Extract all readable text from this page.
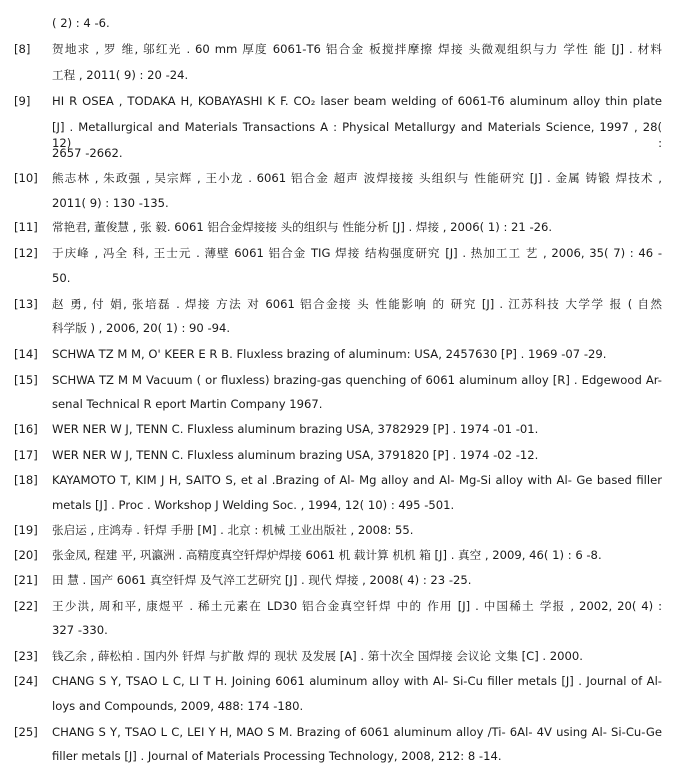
( 2) : 4 -6.
[8] 贺地求 , 罗 维, 邬红光 . 60 mm 厚度 6061-T6 铝合金 板搅拌摩擦 焊接 头微观组织与力 学性 能 [J] . 材料
工程 , 2011( 9) : 20 -24.
[9] HI R OSEA , TODAKA H, KOBAYASHI K F. CO₂ laser beam welding of 6061-T6 aluminum alloy thin plate
[J] . Metallurgical and Materials Transactions A : Physical Metallurgy and Materials Science, 1997 , 28( 12) :
2657 -2662.
[10] 熊志林 , 朱政强 , 吴宗辉 , 王小龙 . 6061 铝合金 超声 波焊接接 头组织与 性能研究 [J] . 金属 铸锻 焊技术 ,
2011( 9) : 130 -135.
[11] 常艳君, 董俊慧 , 张 毅. 6061 铝合金焊接接 头的组织与 性能分析 [J] . 焊接 , 2006( 1) : 21 -26.
[12] 于庆峰 , 冯全 科, 王士元 . 薄壁 6061 铝合金 TIG 焊接 结构强度研究 [J] . 热加工工 艺 , 2006, 35( 7) : 46 -
50.
[13] 赵 勇, 付 娟, 张培磊 . 焊接 方法 对 6061 铝合金接 头 性能影响 的 研究 [J] . 江苏科技 大学学 报 ( 自然
科学版 ) , 2006, 20( 1) : 90 -94.
[14] SCHWA TZ M M, O' KEER E R B. Fluxless brazing of aluminum: USA, 2457630 [P] . 1969 -07 -29.
[15] SCHWA TZ M M Vacuum ( or fluxless) brazing-gas quenching of 6061 aluminum alloy [R] . Edgewood Ar-
senal Technical R eport Martin Company 1967.
[16] WER NER W J, TENN C. Fluxless aluminum brazing USA, 3782929 [P] . 1974 -01 -01.
[17] WER NER W J, TENN C. Fluxless aluminum brazing USA, 3791820 [P] . 1974 -02 -12.
[18] KAYAMOTO T, KIM J H, SAITO S, et al .Brazing of Al- Mg alloy and Al- Mg-Si alloy with Al- Ge based filler
metals [J] . Proc . Workshop J Welding Soc. , 1994, 12( 10) : 495 -501.
[19] 张启运 , 庄鸿寿 . 钎焊 手册 [M] . 北京 : 机械 工业出版社 , 2008: 55.
[20] 张金凤, 程建 平, 巩瀛洲 . 高精度真空钎焊炉焊接 6061 机 载计算 机机 箱 [J] . 真空 , 2009, 46( 1) : 6 -8.
[21] 田 慧 . 国产 6061 真空钎焊 及气淬工艺研究 [J] . 现代 焊接 , 2008( 4) : 23 -25.
[22] 王少洪, 周和平, 康煜平 . 稀土元素在 LD30 铝合金真空钎焊 中的 作用 [J] . 中国稀土 学报 , 2002, 20( 4) :
327 -330.
[23] 钱乙余 , 薛松柏 . 国内外 钎焊 与扩散 焊的 现状 及发展 [A] . 第十次全 国焊接 会议论 文集 [C] . 2000.
[24] CHANG S Y, TSAO L C, LI T H. Joining 6061 aluminum alloy with Al- Si-Cu filler metals [J] . Journal of Al-
loys and Compounds, 2009, 488: 174 -180.
[25] CHANG S Y, TSAO L C, LEI Y H, MAO S M. Brazing of 6061 aluminum alloy /Ti- 6Al- 4V using Al- Si-Cu-Ge
filler metals [J] . Journal of Materials Processing Technology, 2008, 212: 8 -14.
